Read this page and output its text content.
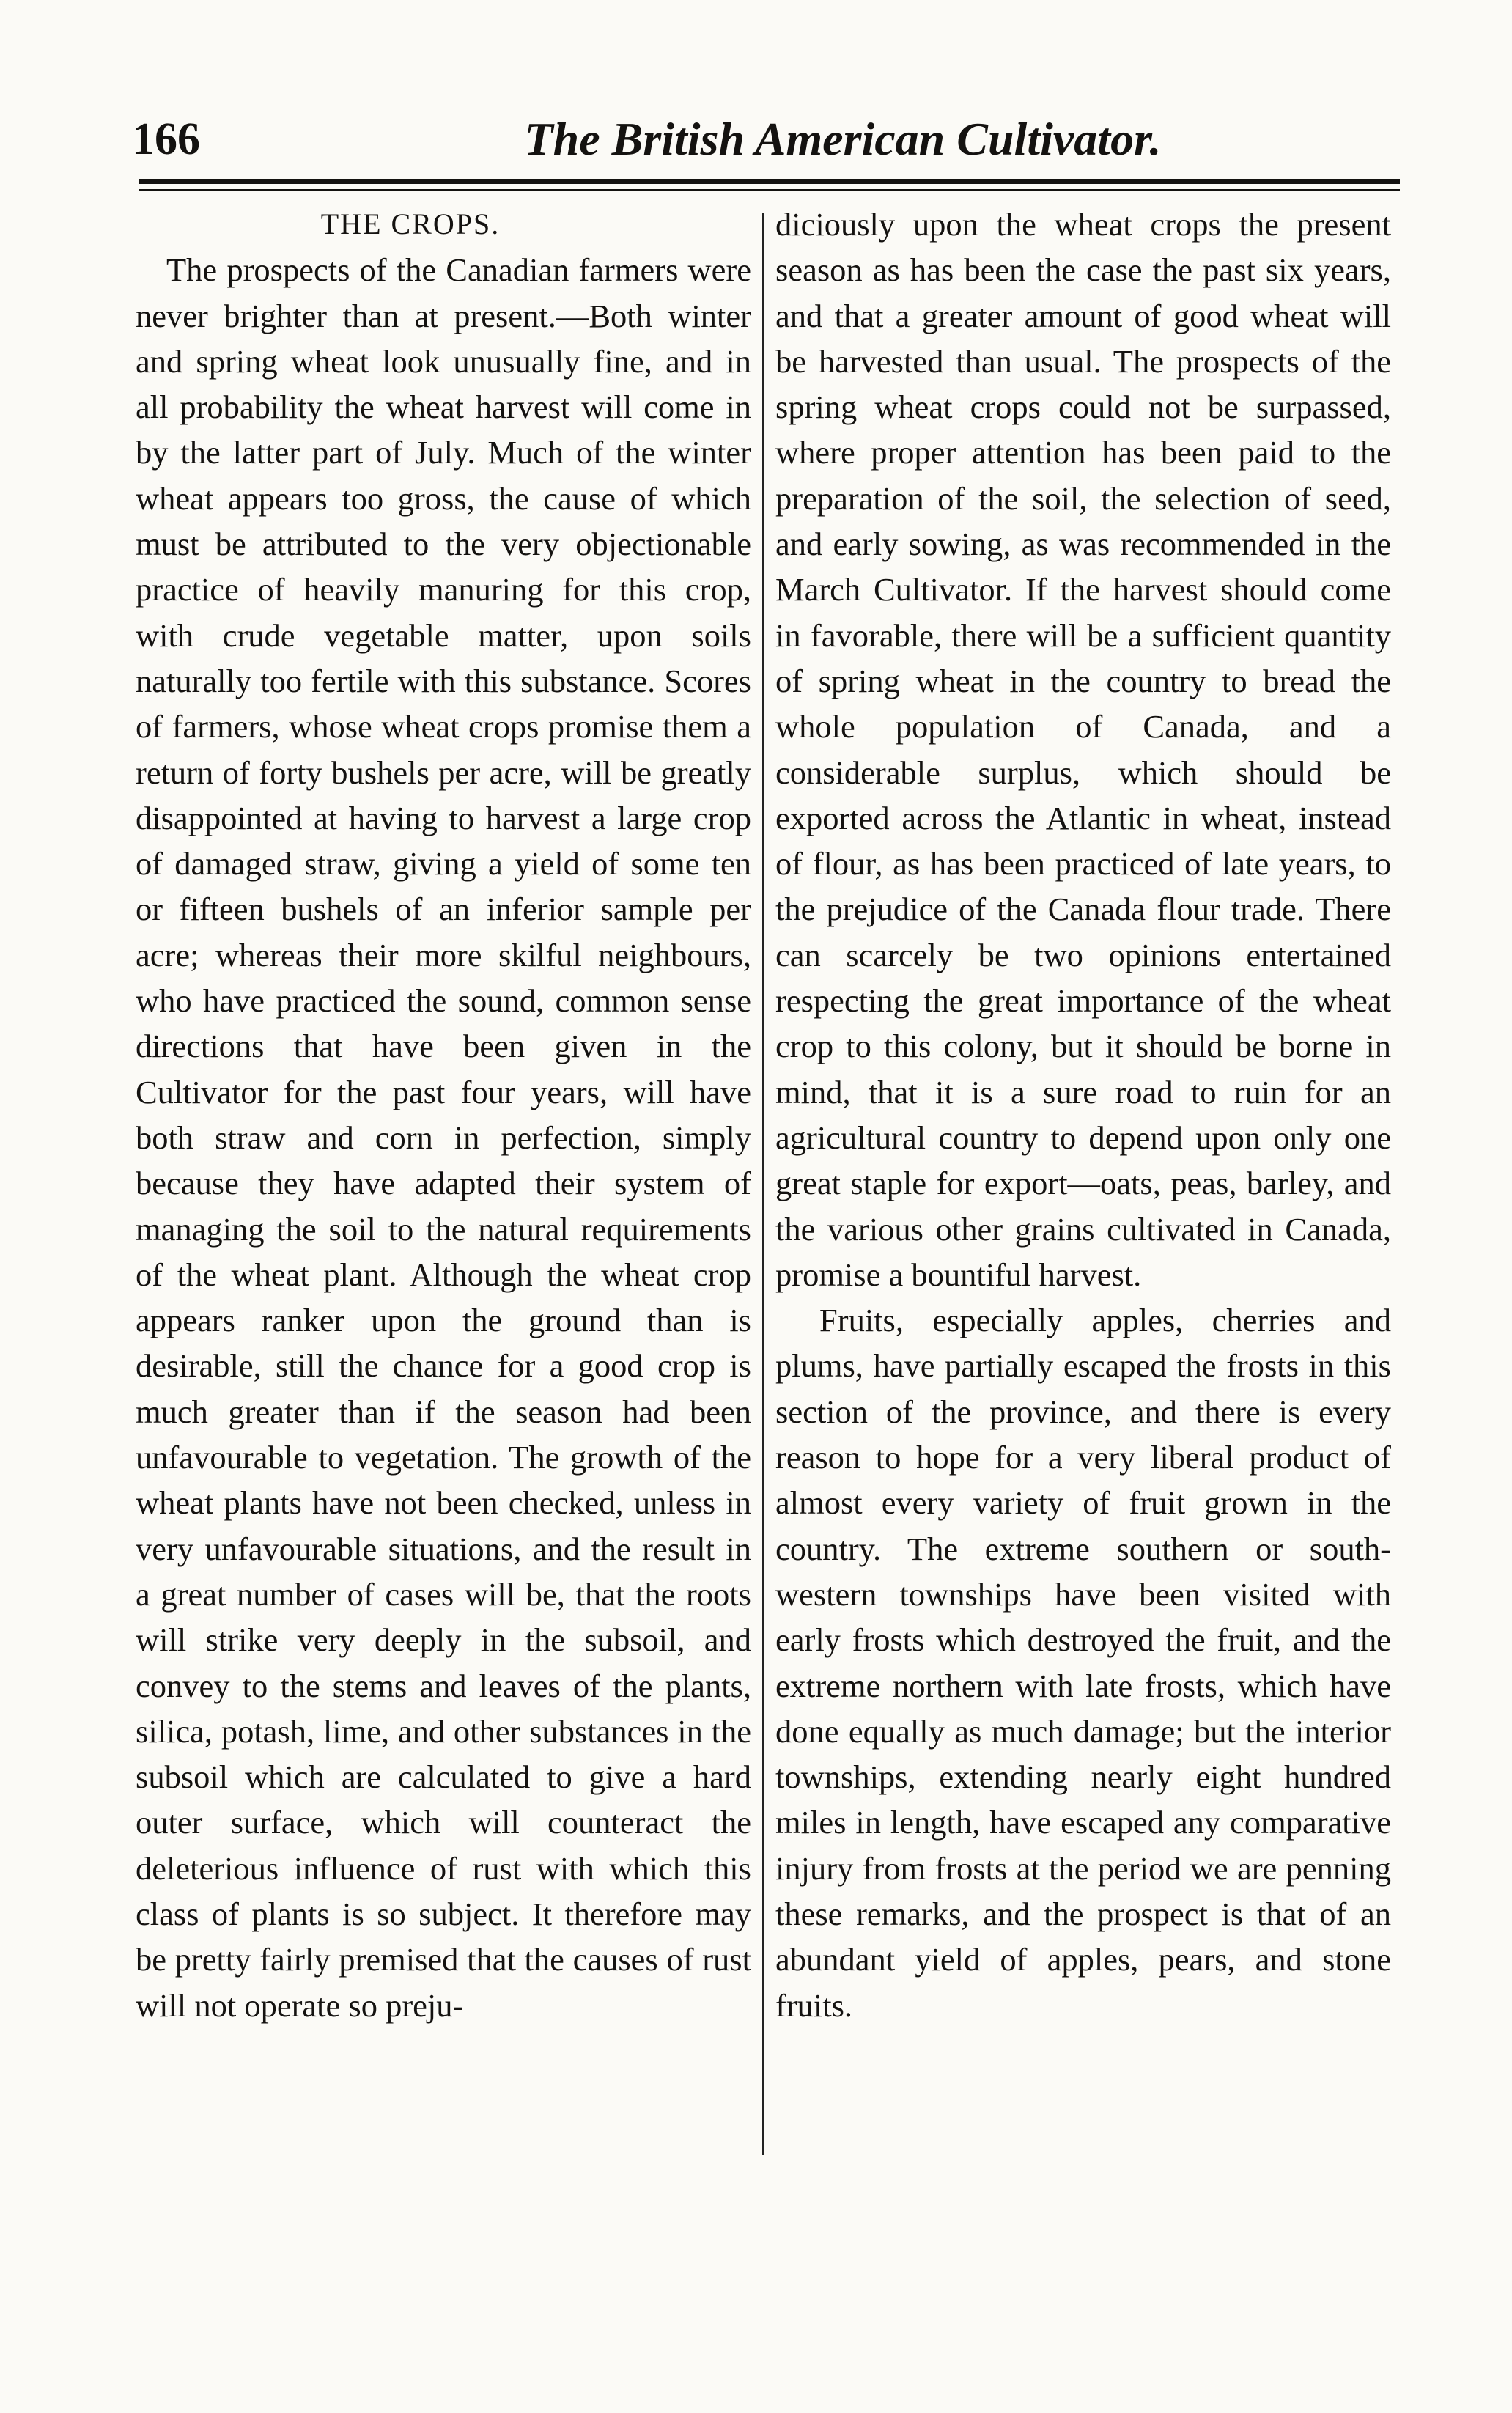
166	The British American Cultivator.
THE CROPS.

The prospects of the Canadian farmers were never brighter than at present.—Both winter and spring wheat look unusually fine, and in all probability the wheat harvest will come in by the latter part of July. Much of the winter wheat appears too gross, the cause of which must be attributed to the very objectionable practice of heavily manuring for this crop, with crude vegetable matter, upon soils naturally too fertile with this substance. Scores of farmers, whose wheat crops promise them a return of forty bushels per acre, will be greatly disappointed at having to harvest a large crop of damaged straw, giving a yield of some ten or fifteen bushels of an inferior sample per acre; whereas their more skilful neighbours, who have practiced the sound, common sense directions that have been given in the Cultivator for the past four years, will have both straw and corn in perfection, simply because they have adapted their system of managing the soil to the natural requirements of the wheat plant. Although the wheat crop appears ranker upon the ground than is desirable, still the chance for a good crop is much greater than if the season had been unfavourable to vegetation. The growth of the wheat plants have not been checked, unless in very unfavourable situations, and the result in a great number of cases will be, that the roots will strike very deeply in the subsoil, and convey to the stems and leaves of the plants, silica, potash, lime, and other substances in the subsoil which are calculated to give a hard outer surface, which will counteract the deleterious influence of rust with which this class of plants is so subject. It therefore may be pretty fairly premised that the causes of rust will not operate so preju-

diciously upon the wheat crops the present season as has been the case the past six years, and that a greater amount of good wheat will be harvested than usual. The prospects of the spring wheat crops could not be surpassed, where proper attention has been paid to the preparation of the soil, the selection of seed, and early sowing, as was recommended in the March Cultivator. If the harvest should come in favorable, there will be a sufficient quantity of spring wheat in the country to bread the whole population of Canada, and a considerable surplus, which should be exported across the Atlantic in wheat, instead of flour, as has been practiced of late years, to the prejudice of the Canada flour trade. There can scarcely be two opinions entertained respecting the great importance of the wheat crop to this colony, but it should be borne in mind, that it is a sure road to ruin for an agricultural country to depend upon only one great staple for export—oats, peas, barley, and the various other grains cultivated in Canada, promise a bountiful harvest.

Fruits, especially apples, cherries and plums, have partially escaped the frosts in this section of the province, and there is every reason to hope for a very liberal product of almost every variety of fruit grown in the country. The extreme southern or south-western townships have been visited with early frosts which destroyed the fruit, and the extreme northern with late frosts, which have done equally as much damage; but the interior townships, extending nearly eight hundred miles in length, have escaped any comparative injury from frosts at the period we are penning these remarks, and the prospect is that of an abundant yield of apples, pears, and stone fruits.
